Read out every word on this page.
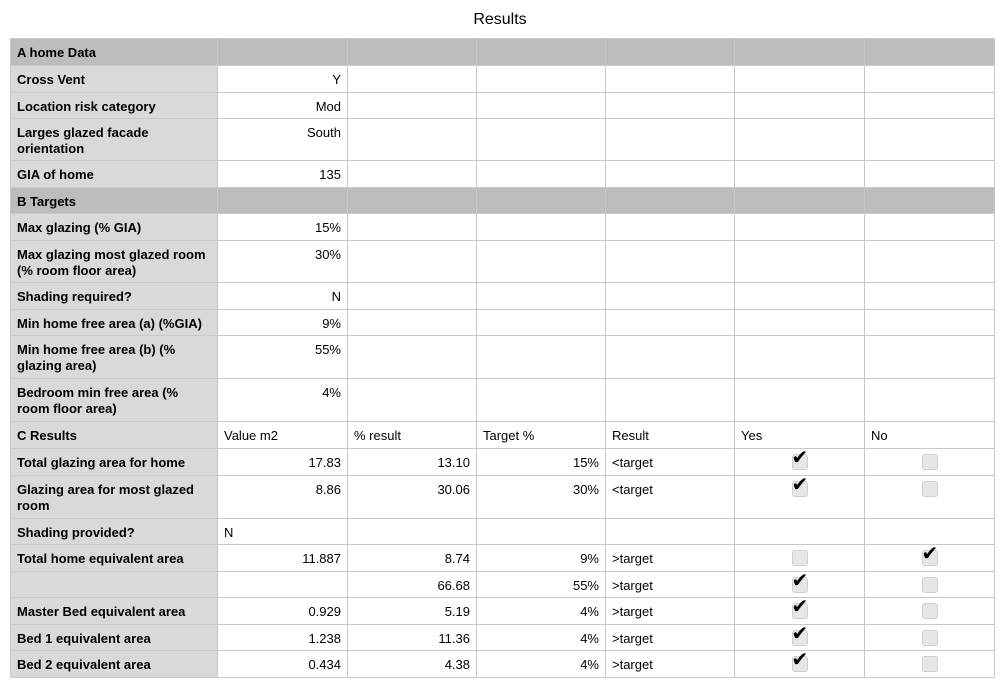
Results
A home Data						
Cross Vent	Y					
Location risk category	Mod					
Larges glazed facade orientation	South					
GIA of home	135					
B Targets						
Max glazing (% GIA)	15%					
Max glazing most glazed room (% room floor area)	30%					
Shading required?	N					
Min home free area (a) (%GIA)	9%					
Min home free area (b) (% glazing area)	55%					
Bedroom min free area (% room floor area)	4%					
C Results	Value m2	% result	Target %	Result	Yes	No
Total glazing area for home	17.83	13.10	15%	<target	✔	
Glazing area for most glazed room	8.86	30.06	30%	<target	✔	
Shading provided?	N					
Total home equivalent area	11.887	8.74	9%	>target		✔
		66.68	55%	>target	✔	
Master Bed equivalent area	0.929	5.19	4%	>target	✔	
Bed 1 equivalent area	1.238	11.36	4%	>target	✔	
Bed 2 equivalent area	0.434	4.38	4%	>target	✔	
